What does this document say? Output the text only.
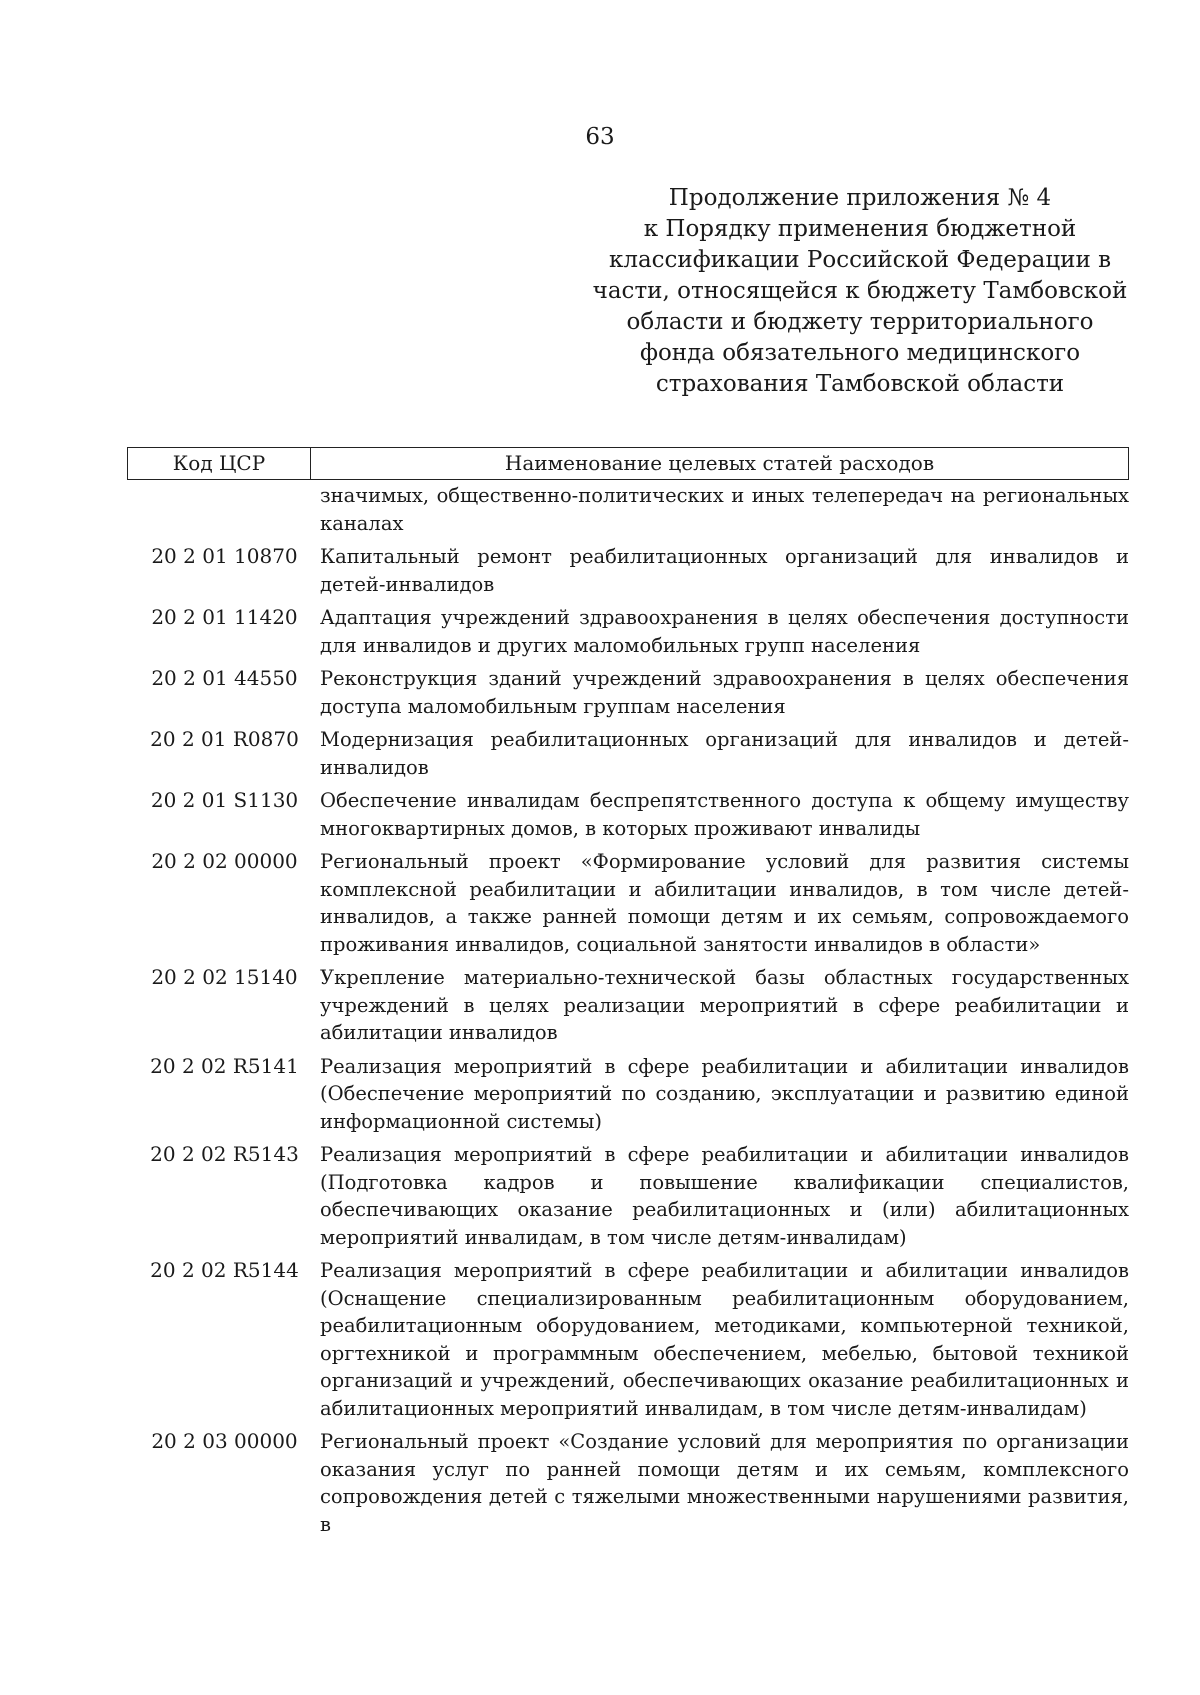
63
Продолжение приложения № 4
к Порядку применения бюджетной
классификации Российской Федерации в
части, относящейся к бюджету Тамбовской
области и бюджету территориального
фонда обязательного медицинского
страхования Тамбовской области
Код ЦСР	Наименование целевых статей расходов
значимых, общественно-политических и иных телепередач на региональных каналах
20 2 01 10870	Капитальный ремонт реабилитационных организаций для инвалидов и детей-инвалидов
20 2 01 11420	Адаптация учреждений здравоохранения в целях обеспечения доступности для инвалидов и других маломобильных групп населения
20 2 01 44550	Реконструкция зданий учреждений здравоохранения в целях обеспечения доступа маломобильным группам населения
20 2 01 R0870	Модернизация реабилитационных организаций для инвалидов и детей-инвалидов
20 2 01 S1130	Обеспечение инвалидам беспрепятственного доступа к общему имуществу многоквартирных домов, в которых проживают инвалиды
20 2 02 00000	Региональный проект «Формирование условий для развития системы комплексной реабилитации и абилитации инвалидов, в том числе детей-инвалидов, а также ранней помощи детям и их семьям, сопровождаемого проживания инвалидов, социальной занятости инвалидов в области»
20 2 02 15140	Укрепление материально-технической базы областных государственных учреждений в целях реализации мероприятий в сфере реабилитации и абилитации инвалидов
20 2 02 R5141	Реализация мероприятий в сфере реабилитации и абилитации инвалидов (Обеспечение мероприятий по созданию, эксплуатации и развитию единой информационной системы)
20 2 02 R5143	Реализация мероприятий в сфере реабилитации и абилитации инвалидов (Подготовка кадров и повышение квалификации специалистов, обеспечивающих оказание реабилитационных и (или) абилитационных мероприятий инвалидам, в том числе детям-инвалидам)
20 2 02 R5144	Реализация мероприятий в сфере реабилитации и абилитации инвалидов (Оснащение специализированным реабилитационным оборудованием, реабилитационным оборудованием, методиками, компьютерной техникой, оргтехникой и программным обеспечением, мебелью, бытовой техникой организаций и учреждений, обеспечивающих оказание реабилитационных и абилитационных мероприятий инвалидам, в том числе детям-инвалидам)
20 2 03 00000	Региональный проект «Создание условий для мероприятия по организации оказания услуг по ранней помощи детям и их семьям, комплексного сопровождения детей с тяжелыми множественными нарушениями развития, в
